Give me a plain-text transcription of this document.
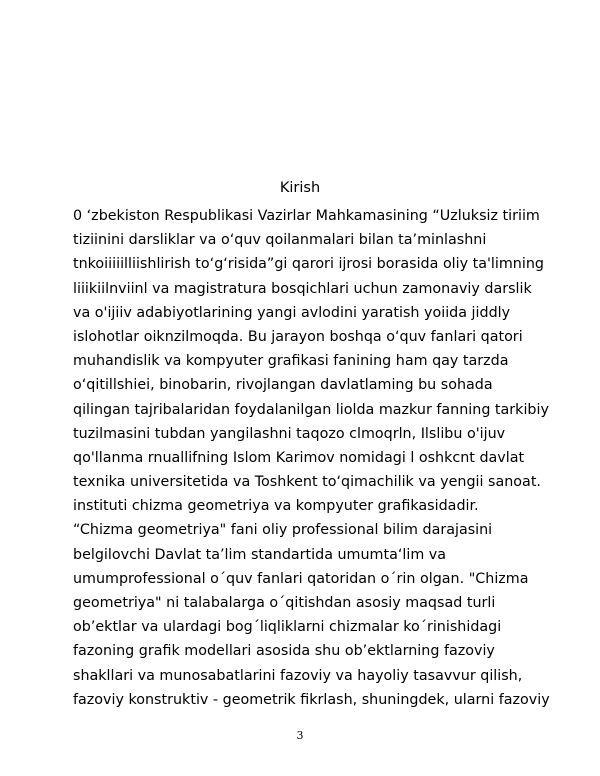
Kirish
0 ‘zbekiston Respublikasi Vazirlar Mahkamasining “Uzluksiz tiriim
tiziinini darsliklar va o‘quv qoilanmalari bilan ta’minlashni
tnkoiiiiilliishlirish to‘g‘risida”gi qarori ijrosi borasida oliy ta'limning
liiikiilnviinl va magistratura bosqichlari uchun zamonaviy darslik
va o'ijiiv adabiyotlarining yangi avlodini yaratish yoiida jiddly
islohotlar oiknzilmoqda. Bu jarayon boshqa o‘quv fanlari qatori
muhandislik va kompyuter grafikasi fanining ham qay tarzda
o‘qitillshiei, binobarin, rivojlangan davlatlaming bu sohada
qilingan tajribalaridan foydalanilgan liolda mazkur fanning tarkibiy
tuzilmasini tubdan yangilashni taqozo clmoqrln, Ilslibu o'ijuv
qo'llanma rnuallifning Islom Karimov nomidagi l oshkcnt davlat
texnika universitetida va Toshkent to‘qimachilik va yengii sanoat.
instituti chizma geometriya va kompyuter grafikasidadir.
“Chizma geometriya" fani oliy professional bilim darajasini
belgilovchi Davlat ta’lim standartida umumta‘lim va
umumprofessional o´quv fanlari qatoridan o´rin olgan. "Chizma
geometriya" ni talabalarga o´qitishdan asosiy maqsad turli
ob’ektlar va ulardagi bog´liqliklarni chizmalar ko´rinishidagi
fazoning grafik modellari asosida shu ob’ektlarning fazoviy
shakllari va munosabatlarini fazoviy va hayoliy tasavvur qilish,
fazoviy konstruktiv - geometrik fikrlash, shuningdek, ularni fazoviy
3
